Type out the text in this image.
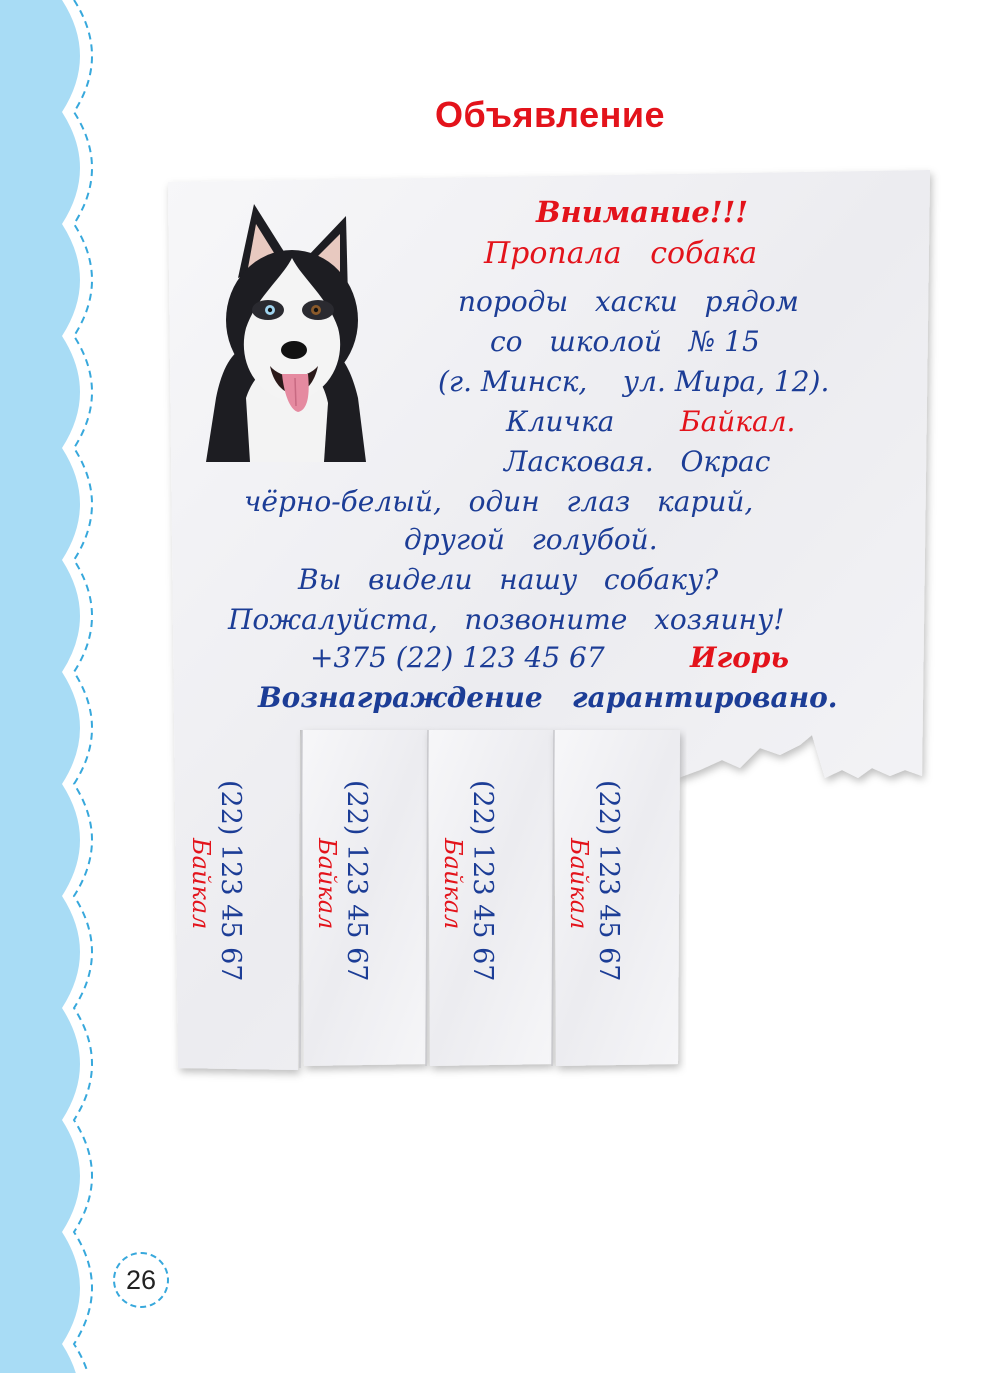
Объявление
Внимание!!!
Пропала   собака
породы   хаски   рядом
со   школой   № 15
(г. Минск,    ул. Мира, 12).
Кличка Байкал.
Ласковая.   Окрас
чёрно-белый,   один   глаз   карий,
другой   голубой.
Вы   видели   нашу   собаку?
Пожалуйста,   позвоните   хозяину!
+375 (22) 123 45 67	Игорь
Вознаграждение   гарантировано.

(22) 123 45 67

Байкал

	(22) 123 45 67

Байкал

	(22) 123 45 67

Байкал

	(22) 123 45 67

Байкал

26
